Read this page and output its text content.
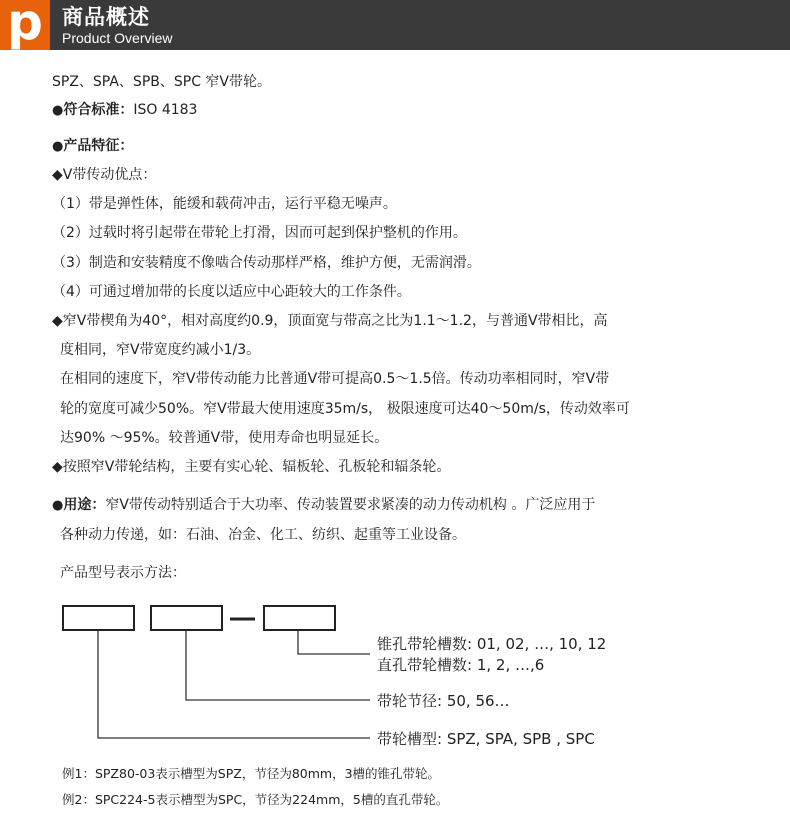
p 商品概述
Product Overview
SPZ、SPA、SPB、SPC 窄V带轮。
●符合标准：ISO 4183
●产品特征：
◆V带传动优点：
（1）带是弹性体，能缓和载荷冲击，运行平稳无噪声。
（2）过载时将引起带在带轮上打滑，因而可起到保护整机的作用。
（3）制造和安装精度不像啮合传动那样严格，维护方便，无需润滑。
（4）可通过增加带的长度以适应中心距较大的工作条件。
◆窄V带楔角为40°，相对高度约0.9，顶面宽与带高之比为1.1～1.2，与普通V带相比，高
度相同，窄V带宽度约减小1/3。
在相同的速度下，窄V带传动能力比普通V带可提高0.5～1.5倍。传动功率相同时，窄V带
轮的宽度可减少50%。窄V带最大使用速度35m/s， 极限速度可达40～50m/s，传动效率可
达90% ～95%。较普通V带，使用寿命也明显延长。
◆按照窄V带轮结构，主要有实心轮、辐板轮、孔板轮和辐条轮。
●用途：窄V带传动特别适合于大功率、传动装置要求紧凑的动力传动机构 。广泛应用于
各种动力传递，如：石油、冶金、化工、纺织、起重等工业设备。
产品型号表示方法：
锥孔带轮槽数: 01, 02, …, 10, 12
直孔带轮槽数: 1, 2, …,6
带轮节径: 50, 56…
带轮槽型: SPZ, SPA, SPB , SPC
例1：SPZ80-03表示槽型为SPZ，节径为80mm，3槽的锥孔带轮。
例2：SPC224-5表示槽型为SPC，节径为224mm，5槽的直孔带轮。
